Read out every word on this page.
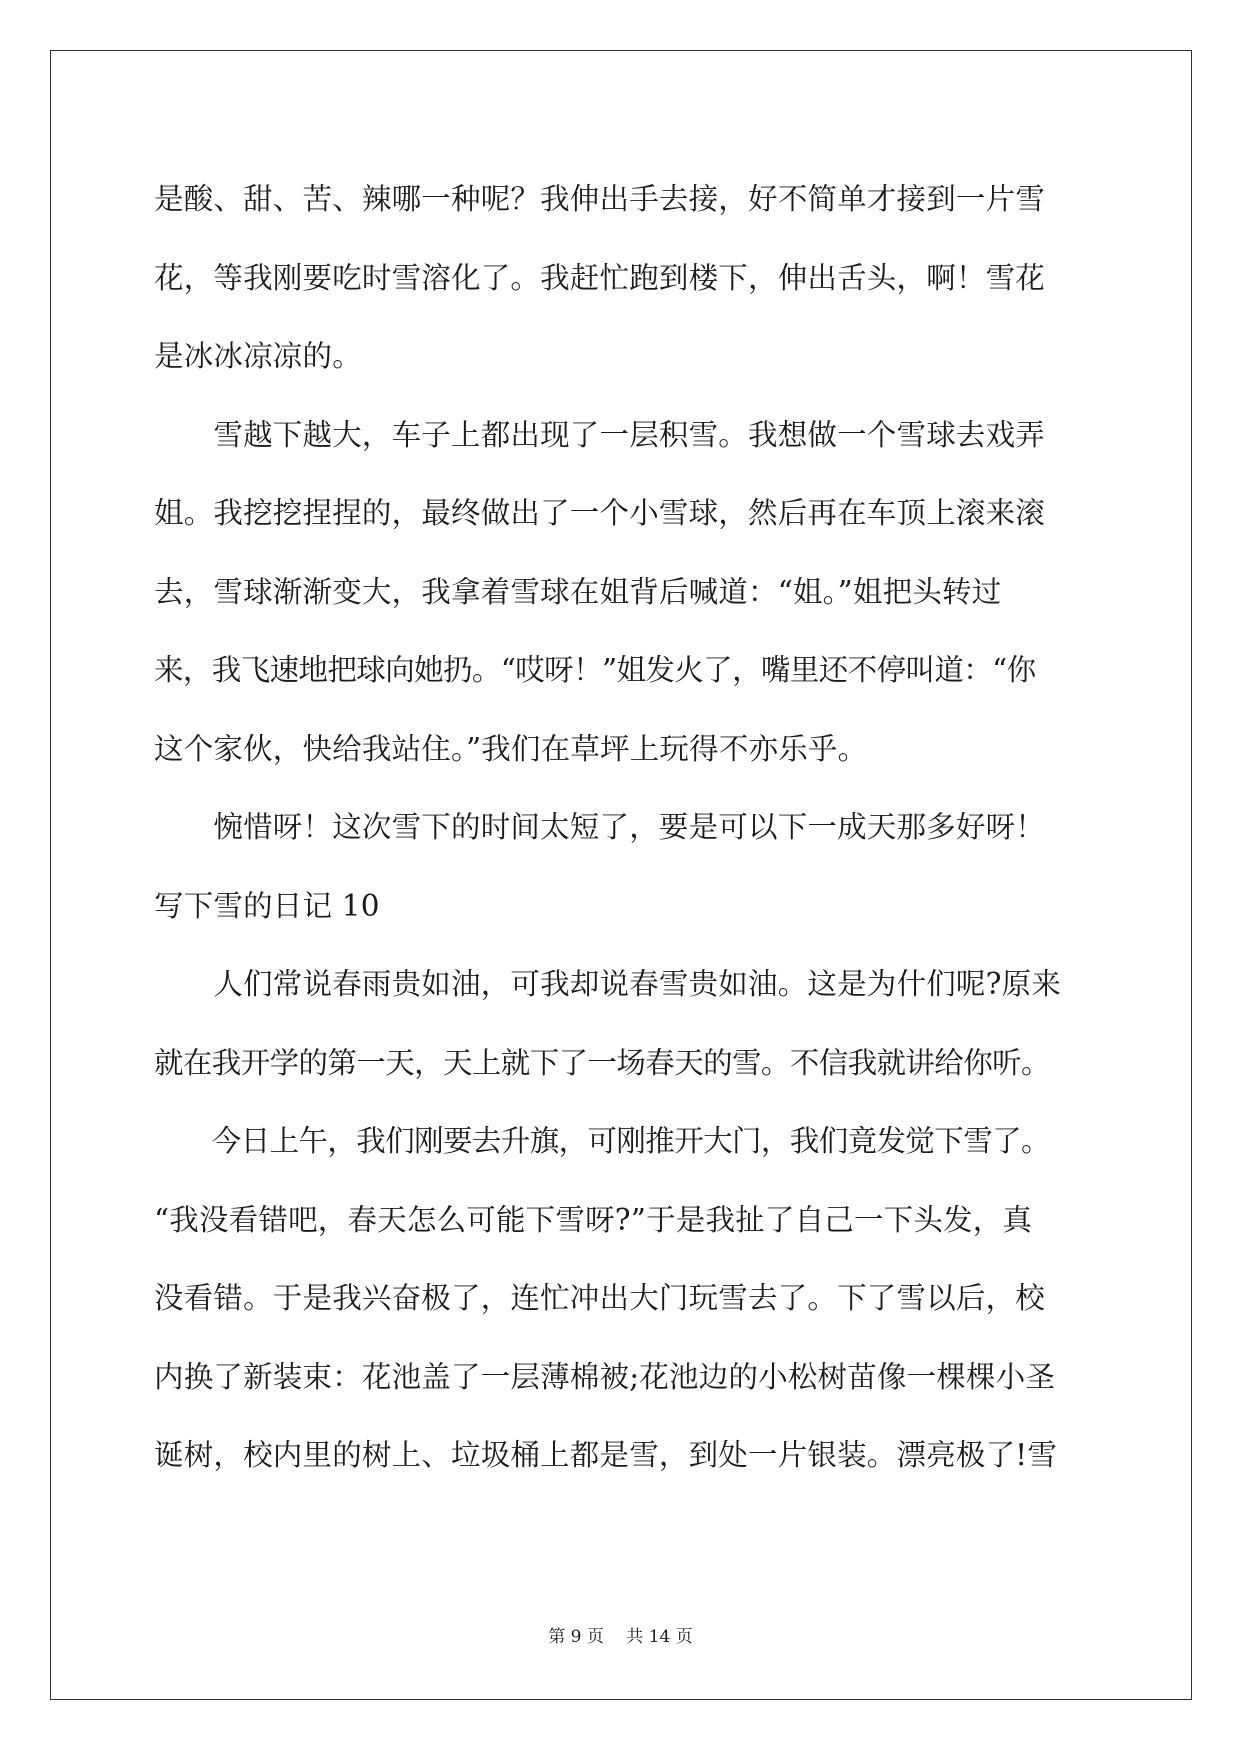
是酸、甜、苦、辣哪一种呢？我伸出手去接，好不简单才接到一片雪
花，等我刚要吃时雪溶化了。我赶忙跑到楼下，伸出舌头，啊！雪花
是冰冰凉凉的。
　　雪越下越大，车子上都出现了一层积雪。我想做一个雪球去戏弄
姐。我挖挖捏捏的，最终做出了一个小雪球，然后再在车顶上滚来滚
去，雪球渐渐变大，我拿着雪球在姐背后喊道：“姐。”姐把头转过
来，我飞速地把球向她扔。“哎呀！”姐发火了，嘴里还不停叫道：“你
这个家伙，快给我站住。”我们在草坪上玩得不亦乐乎。
　　惋惜呀！这次雪下的时间太短了，要是可以下一成天那多好呀！
写下雪的日记 10
　　人们常说春雨贵如油，可我却说春雪贵如油。这是为什们呢?原来
就在我开学的第一天，天上就下了一场春天的雪。不信我就讲给你听。
　　今日上午，我们刚要去升旗，可刚推开大门，我们竟发觉下雪了。
“我没看错吧，春天怎么可能下雪呀?”于是我扯了自己一下头发，真
没看错。于是我兴奋极了，连忙冲出大门玩雪去了。下了雪以后，校
内换了新装束：花池盖了一层薄棉被;花池边的小松树苗像一棵棵小圣
诞树，校内里的树上、垃圾桶上都是雪，到处一片银装。漂亮极了!雪
第 9 页　 共 14 页
